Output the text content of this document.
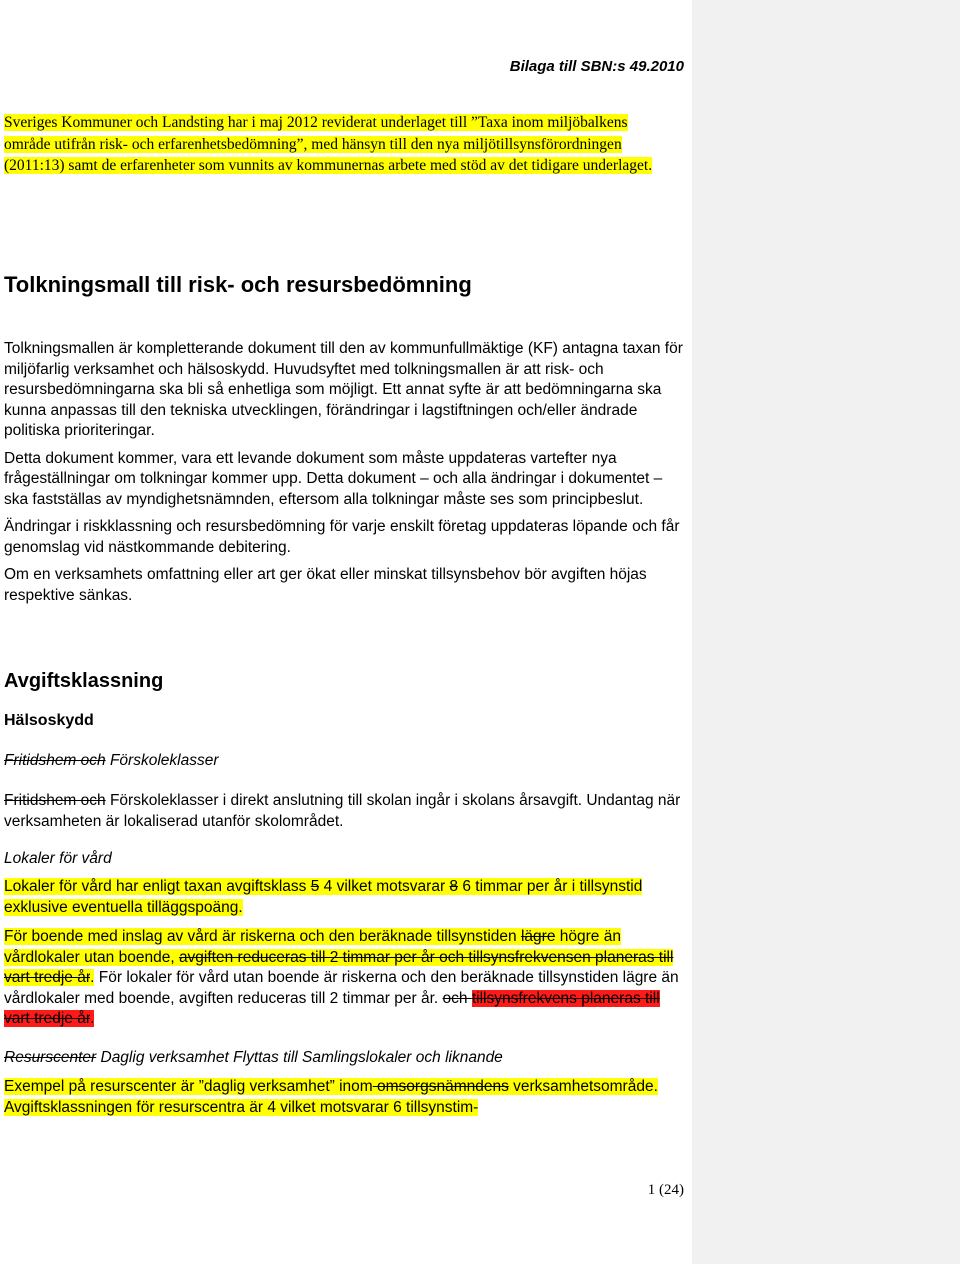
Bilaga till SBN:s 49.2010

Sveriges Kommuner och Landsting har i maj 2012 reviderat underlaget till ”Taxa inom miljöbalkens område utifrån risk- och erfarenhetsbedömning”, med hänsyn till den nya miljötillsynsförordningen (2011:13) samt de erfarenheter som vunnits av kommunernas arbete med stöd av det tidigare underlaget.

Tolkningsmall till risk- och resursbedömning

Tolkningsmallen är kompletterande dokument till den av kommunfullmäktige (KF) antagna taxan för miljöfarlig verksamhet och hälsoskydd. Huvudsyftet med tolkningsmallen är att risk- och resursbedömningarna ska bli så enhetliga som möjligt. Ett annat syfte är att bedömningarna ska kunna anpassas till den tekniska utvecklingen, förändringar i lagstiftningen och/eller ändrade politiska prioriteringar.

Detta dokument kommer, vara ett levande dokument som måste uppdateras vartefter nya frågeställningar om tolkningar kommer upp. Detta dokument – och alla ändringar i dokumentet – ska fastställas av myndighetsnämnden, eftersom alla tolkningar måste ses som principbeslut.

Ändringar i riskklassning och resursbedömning för varje enskilt företag uppdateras löpande och får genomslag vid nästkommande debitering.

Om en verksamhets omfattning eller art ger ökat eller minskat tillsynsbehov bör avgiften höjas respektive sänkas.

Avgiftsklassning
Hälsoskydd

Fritidshem och Förskoleklasser

Fritidshem och Förskoleklasser i direkt anslutning till skolan ingår i skolans årsavgift. Undantag när verksamheten är lokaliserad utanför skolområdet.

Lokaler för vård

Lokaler för vård har enligt taxan avgiftsklass 5 4 vilket motsvarar 8 6 timmar per år i tillsynstid exklusive eventuella tilläggspoäng.

För boende med inslag av vård är riskerna och den beräknade tillsynstiden lägre högre än vårdlokaler utan boende, avgiften reduceras till 2 timmar per år och tillsynsfrekvensen planeras till vart tredje år. För lokaler för vård utan boende är riskerna och den beräknade tillsynstiden lägre än vårdlokaler med boende, avgiften reduceras till 2 timmar per år. och tillsynsfrekvens planeras till vart tredje år.

Resurscenter Daglig verksamhet Flyttas till Samlingslokaler och liknande

Exempel på resurscenter är ”daglig verksamhet” inom omsorgsnämndens verksamhetsområde. Avgiftsklassningen för resurscentra är 4 vilket motsvarar 6 tillsynstim-

1 (24)
